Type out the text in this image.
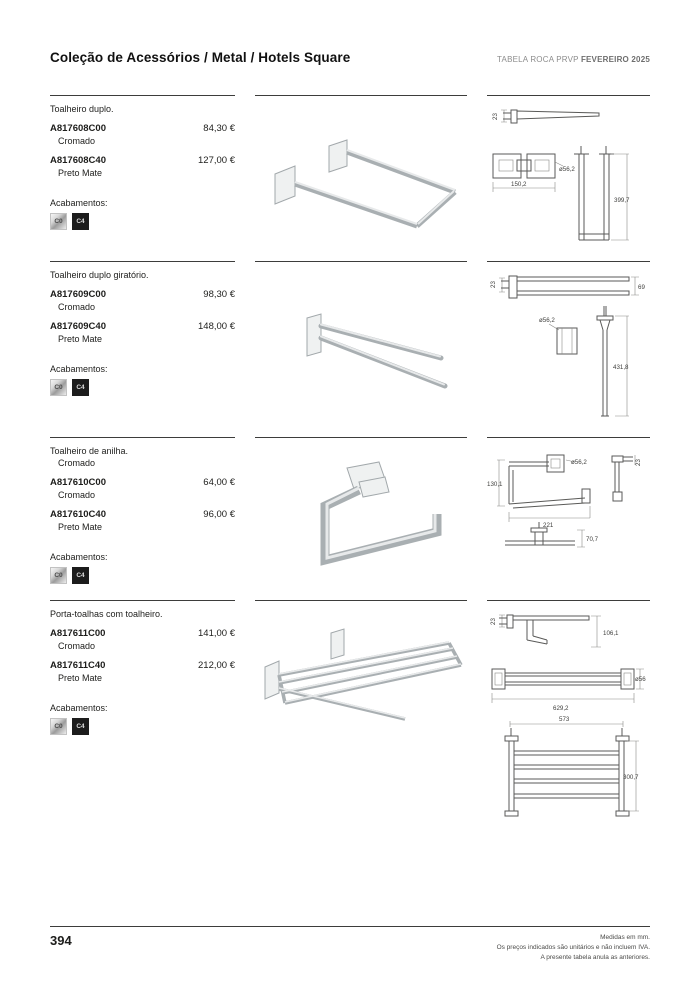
Coleção de Acessórios / Metal / Hotels Square	TABELA ROCA PRVP FEVEREIRO 2025
Toalheiro duplo.
A817608C00	84,30 €
Cromado
A817608C40	127,00 €
Preto Mate
Acabamentos:
C0	C4
23
ø56,2
150,2
399,7
Toalheiro duplo giratório.
A817609C00	98,30 €
Cromado
A817609C40	148,00 €
Preto Mate
Acabamentos:
C0	C4
23	69
ø56,2
431,8
Toalheiro de anilha.
Cromado
A817610C00	64,00 €
Cromado
A817610C40	96,00 €
Preto Mate
Acabamentos:
C0	C4
130,1
ø56,2
221
23
70,7
Porta-toalhas com toalheiro.
A817611C00	141,00 €
Cromado
A817611C40	212,00 €
Preto Mate
Acabamentos:
C0	C4
23
106,1
629,2
ø56
573
300,7
394	Medidas em mm.
Os preços indicados são unitários e não incluem IVA.
A presente tabela anula as anteriores.
